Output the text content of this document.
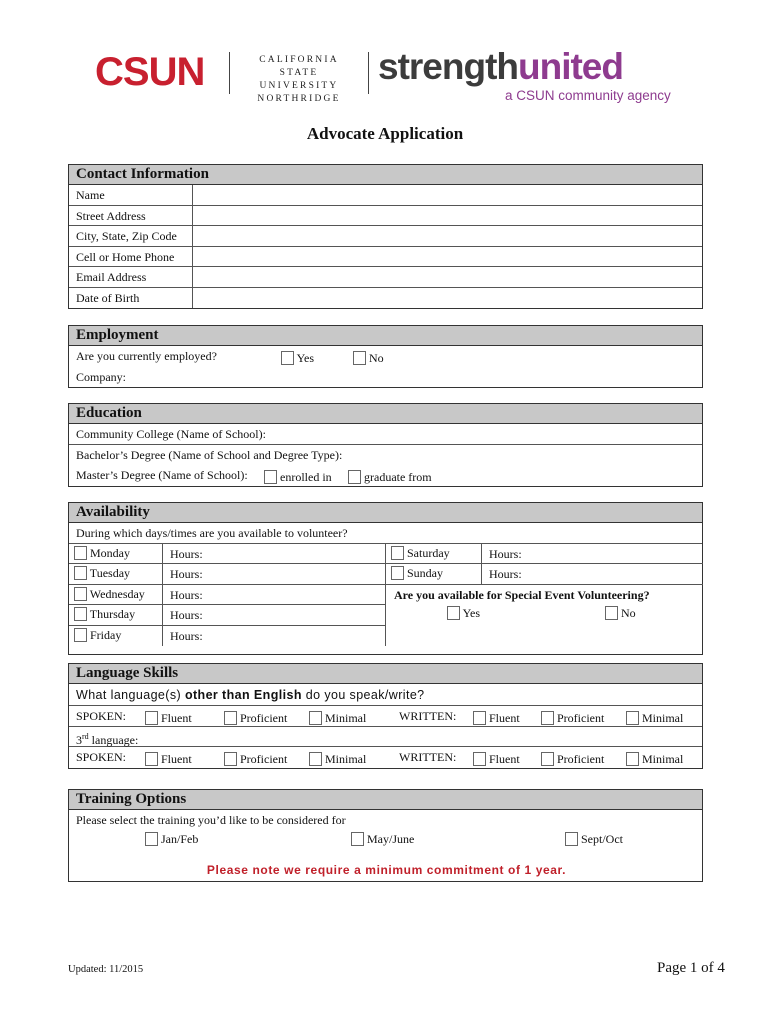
CSUN	CALIFORNIA
STATE UNIVERSITY
NORTHRIDGE
strengthunited
a CSUN community agency
Advocate Application
Contact Information
Name
Street Address
City, State, Zip Code
Cell or Home Phone
Email Address
Date of Birth
Employment
Are you currently employed?	Yes	No
Company:
Education
Community College (Name of School):
Bachelor’s Degree (Name of School and Degree Type):
Master’s Degree (Name of School):	enrolled in	graduate from
Availability
During which days/times are you available to volunteer?
Monday	Hours:
Tuesday	Hours:
Wednesday	Hours:
Thursday	Hours:
Friday	Hours:
Saturday	Hours:
Sunday	Hours:
Are you available for Special Event Volunteering?
Yes	No
Language Skills
What language(s) other than English do you speak/write?
SPOKEN:	Fluent	Proficient	Minimal	WRITTEN:	Fluent	Proficient	Minimal
3rd language:
SPOKEN:	Fluent	Proficient	Minimal	WRITTEN:	Fluent	Proficient	Minimal
Training Options
Please select the training you’d like to be considered for
Jan/Feb	May/June	Sept/Oct
Please note we require a minimum commitment of 1 year.
Updated: 11/2015	Page 1 of 4
